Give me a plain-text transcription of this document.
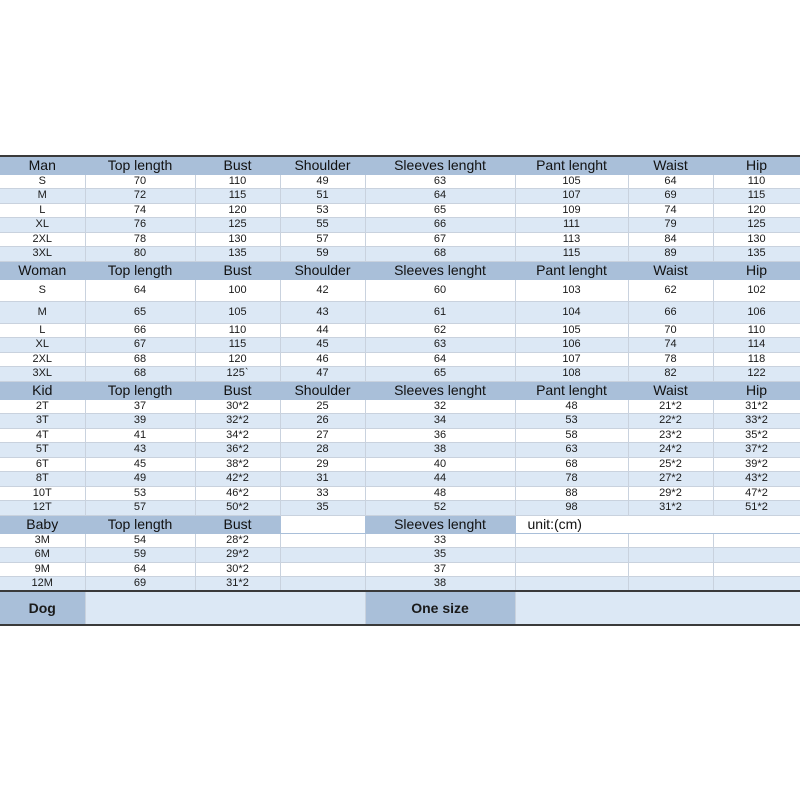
Man	Top length	Bust	Shoulder	Sleeves lenght	Pant lenght	Waist	Hip
S	70	110	49	63	105	64	110
M	72	115	51	64	107	69	115
L	74	120	53	65	109	74	120
XL	76	125	55	66	111	79	125
2XL	78	130	57	67	113	84	130
3XL	80	135	59	68	115	89	135
Woman	Top length	Bust	Shoulder	Sleeves lenght	Pant lenght	Waist	Hip
S	64	100	42	60	103	62	102
M	65	105	43	61	104	66	106
L	66	110	44	62	105	70	110
XL	67	115	45	63	106	74	114
2XL	68	120	46	64	107	78	118
3XL	68	125`	47	65	108	82	122
Kid	Top length	Bust	Shoulder	Sleeves lenght	Pant lenght	Waist	Hip
2T	37	30*2	25	32	48	21*2	31*2
3T	39	32*2	26	34	53	22*2	33*2
4T	41	34*2	27	36	58	23*2	35*2
5T	43	36*2	28	38	63	24*2	37*2
6T	45	38*2	29	40	68	25*2	39*2
8T	49	42*2	31	44	78	27*2	43*2
10T	53	46*2	33	48	88	29*2	47*2
12T	57	50*2	35	52	98	31*2	51*2
Baby	Top length	Bust		Sleeves lenght	unit:(cm)		
3M	54	28*2		33			
6M	59	29*2		35			
9M	64	30*2		37			
12M	69	31*2		38			
Dog				One size			
